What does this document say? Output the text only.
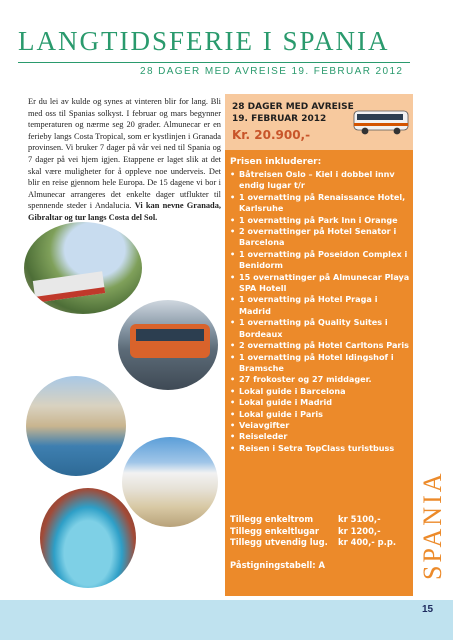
LANGTIDSFERIE I SPANIA
28 DAGER MED AVREISE 19. FEBRUAR 2012
Er du lei av kulde og synes at vinteren blir for lang. Bli med oss til Spanias solkyst. I februar og mars begynner temperaturen og nærme seg 20 grader. Almunecar er en ferieby langs Costa Tropical, som er kystlinjen i Granada provinsen. Vi bruker 7 dager på vår vei ned til Spania og 7 dager på vei hjem igjen. Etappene er laget slik at det skal være muligheter for å oppleve noe underveis. Det blir en reise gjennom hele Europa. De 15 dagene vi bor i Almunecar arrangeres det enkelte dager utflukter til spennende steder i Andalucia. Vi kan nevne Granada, Gibraltar og tur langs Costa del Sol.
28 DAGER MED AVREISE
19. FEBRUAR 2012
Kr. 20.900,-
Prisen inkluderer:
• Båtreisen Oslo – Kiel i dobbel innv endig lugar t/r
• 1 overnatting på Renaissance Hotel, Karlsruhe
• 1 overnatting på Park Inn i Orange
• 2 overnattinger på Hotel Senator i Barcelona
• 1 overnatting på Poseidon Complex i Benidorm
• 15 overnattinger på Almunecar Playa SPA Hotell
• 1 overnatting på Hotel Praga i Madrid
• 1 overnatting på Quality Suites i Bordeaux
• 2 overnatting på Hotel Carltons Paris
• 1 overnatting på Hotel Idingshof i Bramsche
• 27 frokoster og 27 middager.
• Lokal guide i Barcelona
• Lokal guide i Madrid
• Lokal guide i Paris
• Veiavgifter
• Reiseleder
• Reisen i Setra TopClass turistbuss
Tillegg enkeltrom	kr 5100,-
Tillegg enkeltlugar	kr 1200,-
Tillegg utvendig lug.	kr 400,- p.p.
Påstigningstabell: A	SPANIA
15
